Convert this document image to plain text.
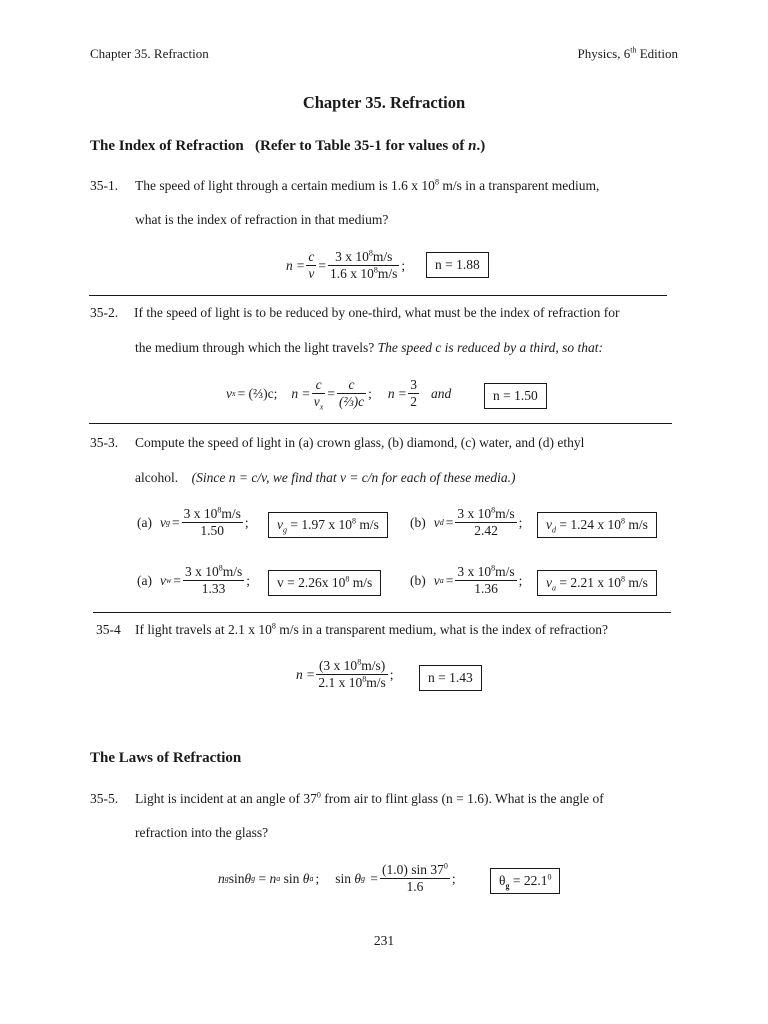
Chapter 35. Refraction	Physics, 6th Edition
Chapter 35. Refraction
The Index of Refraction (Refer to Table 35-1 for values of n.)
35-1. The speed of light through a certain medium is 1.6 x $10^8$ m/s in a transparent medium,
what is the index of refraction in that medium?
$n = \frac{c}{v} = \frac{3 x 10^8m/s}{1.6 x 10^8m/s}$ ;	n = 1.88
35-2. If the speed of light is to be reduced by one-third, what must be the index of refraction for
the medium through which the light travels? The speed c is reduced by a third, so that:
v x = (⅔)c; $n = \frac{c}{v_x} = \frac{c}{\text{(⅔)c}}$ ; $n = \frac{3}{2}$ and	n = 1.50
35-3. Compute the speed of light in (a) crown glass, (b) diamond, (c) water, and (d) ethyl
alcohol. (Since n = c/v, we find that v = c/n for each of these media.)
(a) v $g = \frac{3 x 10^8m/s}{1.50}$ ;	$v_g = 1.97$ x $10^8$ m/s	(b) v $d = \frac{3 x 10^8m/s}{2.42}$ ;	$v_d = 1.24$ x $10^8$ m/s
(a) v $w = \frac{3 x 10^8m/s}{1.33}$ ;	v = 2.26x $10^8$ m/s	(b) v $a = \frac{3 x 10^8m/s}{1.36}$ ;	$v_a = 2.21$ x $10^8$ m/s
35-4 If light travels at 2.1 x $10^8$ m/s in a transparent medium, what is the index of refraction?
$n = \frac{(3 x 10^8m/s)}{2.1 x 10^8m/s}$ ;	n = 1.43
The Laws of Refraction
35-5. Light is incident at an angle of $37^0$ from air to flint glass (n = 1.6). What is the angle of
refraction into the glass?
n g sin θ g = n a sin θ a ; sin θ $g = \frac{(1.0) \sin 37^0}{1.6}$ ;	$\theta_g = 22.1^0$
231
